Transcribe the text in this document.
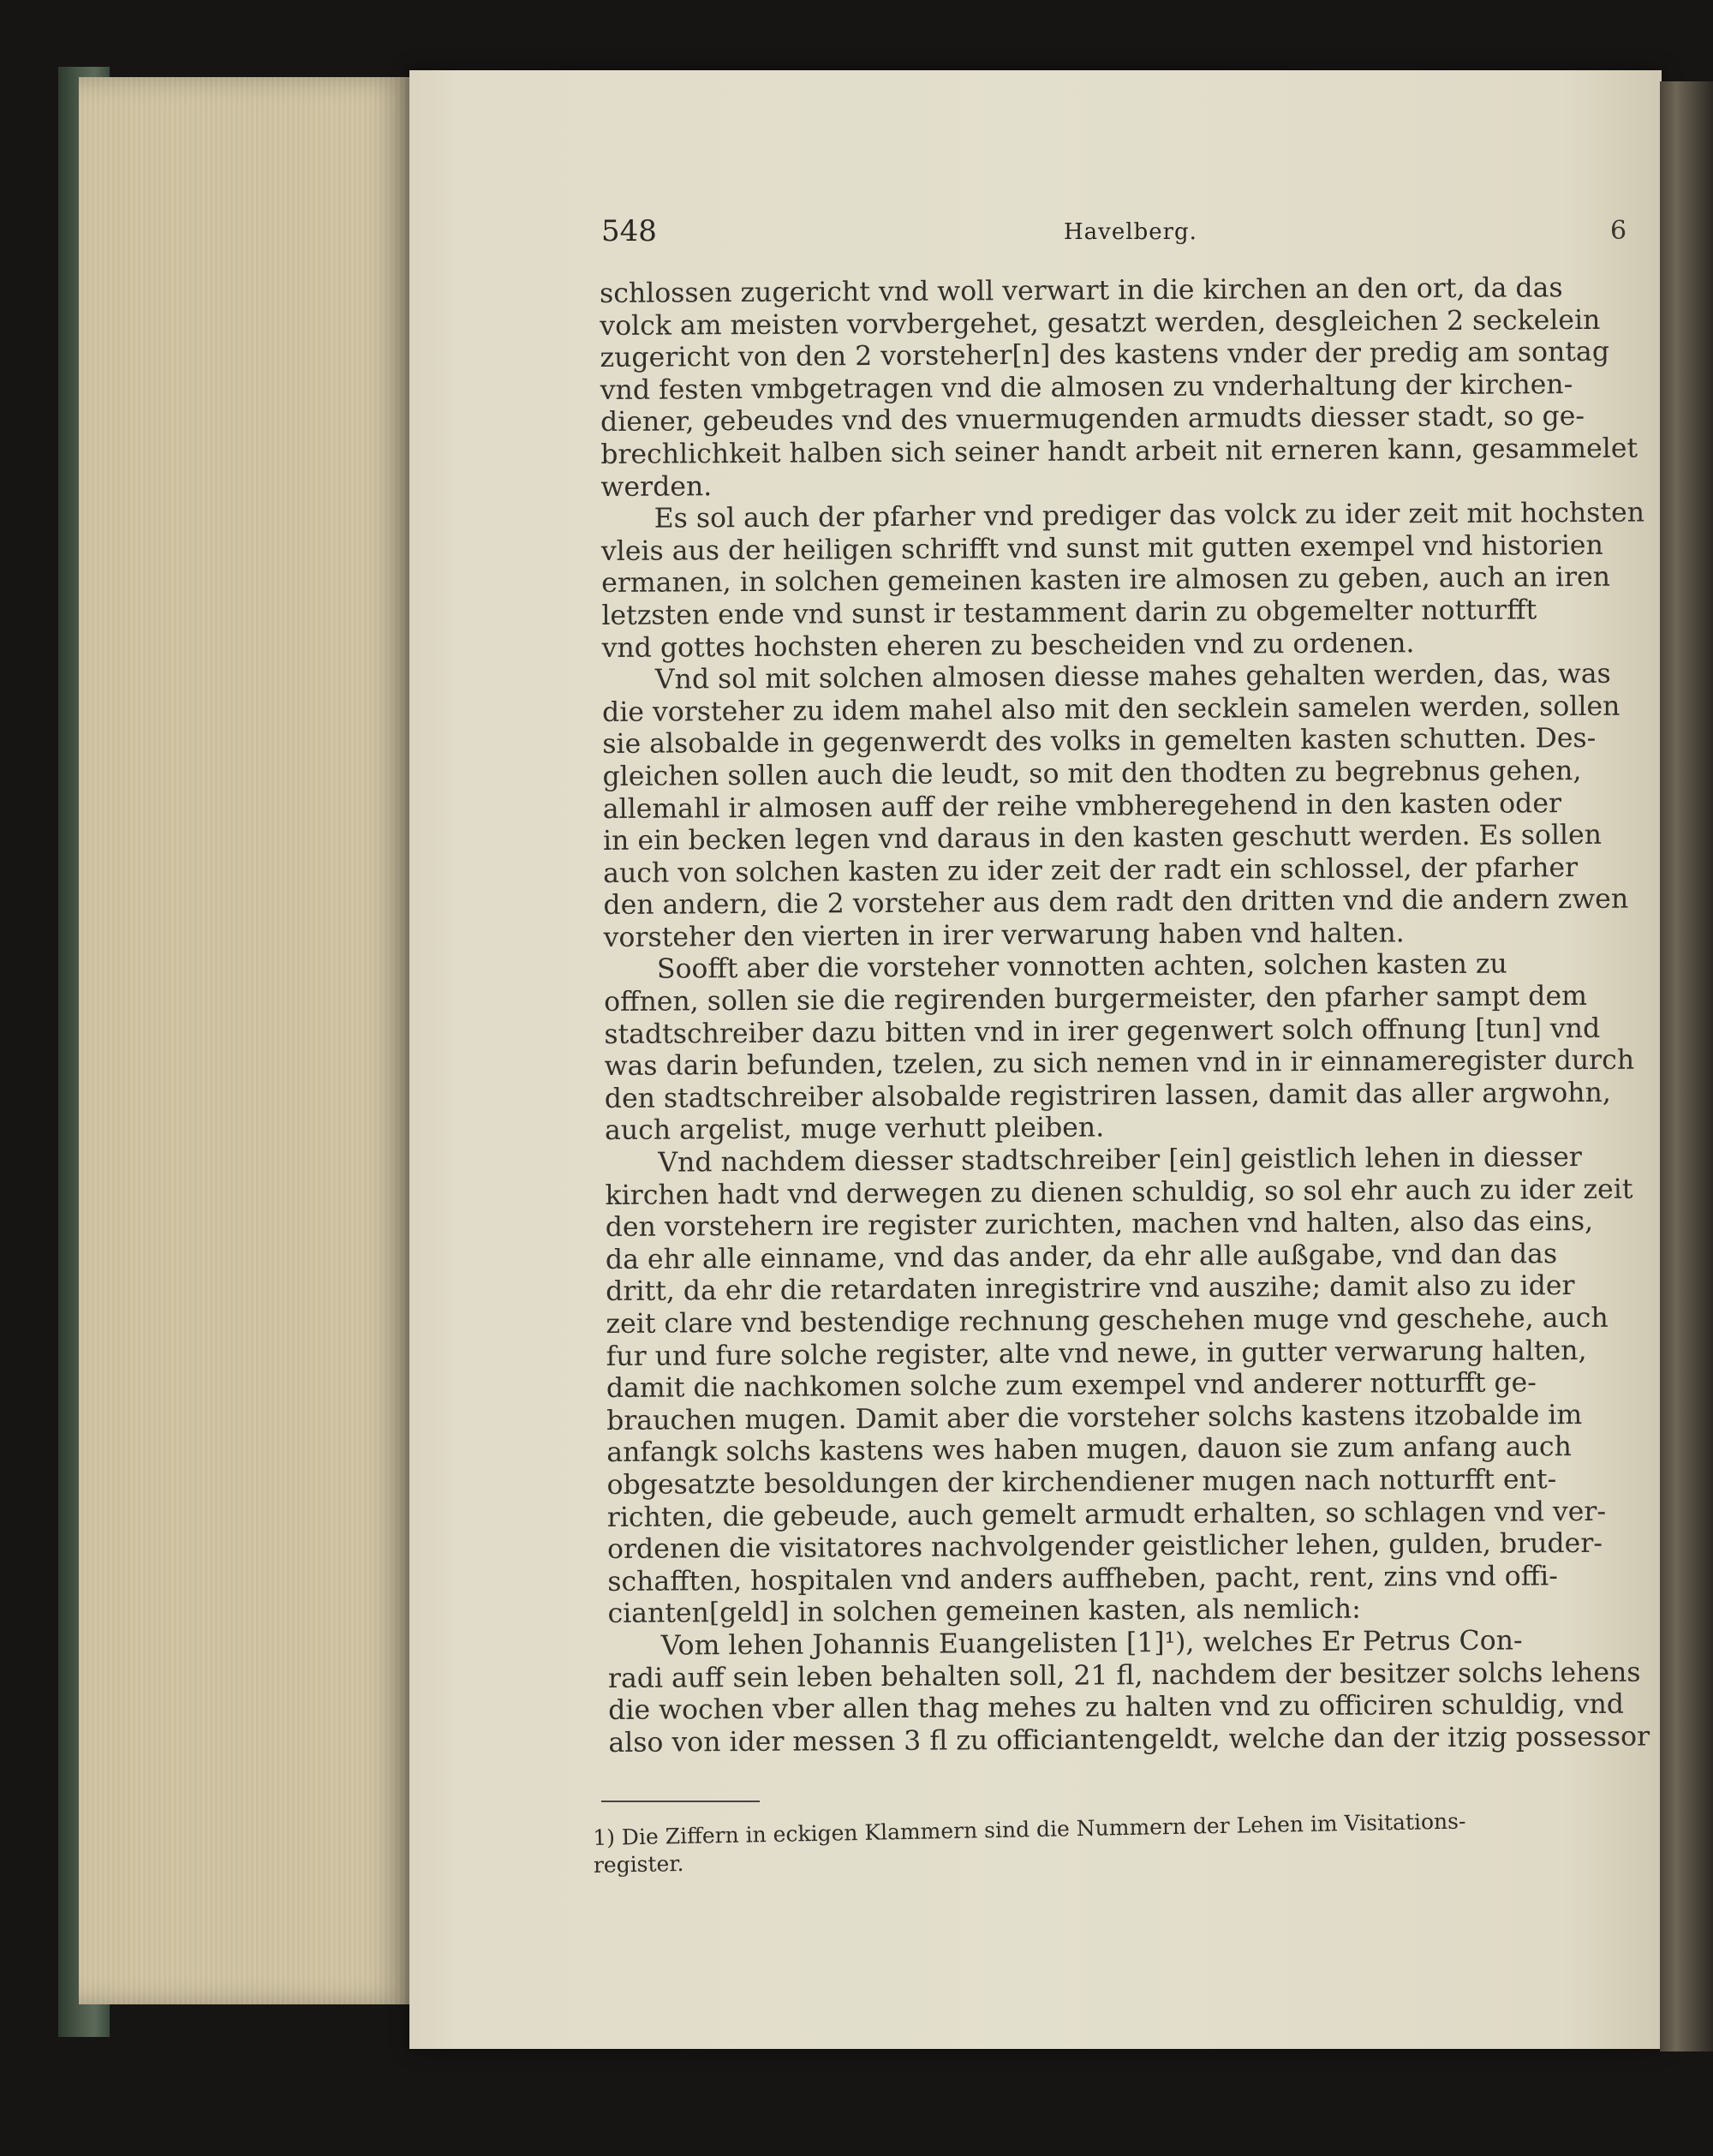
548	Havelberg.	6
schlossen zugericht vnd woll verwart in die kirchen an den ort, da das
volck am meisten vorvbergehet, gesatzt werden, desgleichen 2 seckelein
zugericht von den 2 vorsteher[n] des kastens vnder der predig am sontag
vnd festen vmbgetragen vnd die almosen zu vnderhaltung der kirchen-
diener, gebeudes vnd des vnuermugenden armudts diesser stadt, so ge-
brechlichkeit halben sich seiner handt arbeit nit erneren kann, gesammelet
werden.
Es sol auch der pfarher vnd prediger das volck zu ider zeit mit hochsten
vleis aus der heiligen schrifft vnd sunst mit gutten exempel vnd historien
ermanen, in solchen gemeinen kasten ire almosen zu geben, auch an iren
letzsten ende vnd sunst ir testamment darin zu obgemelter notturfft
vnd gottes hochsten eheren zu bescheiden vnd zu ordenen.
Vnd sol mit solchen almosen diesse mahes gehalten werden, das, was
die vorsteher zu idem mahel also mit den secklein samelen werden, sollen
sie alsobalde in gegenwerdt des volks in gemelten kasten schutten. Des-
gleichen sollen auch die leudt, so mit den thodten zu begrebnus gehen,
allemahl ir almosen auff der reihe vmbheregehend in den kasten oder
in ein becken legen vnd daraus in den kasten geschutt werden. Es sollen
auch von solchen kasten zu ider zeit der radt ein schlossel, der pfarher
den andern, die 2 vorsteher aus dem radt den dritten vnd die andern zwen
vorsteher den vierten in irer verwarung haben vnd halten.
Soofft aber die vorsteher vonnotten achten, solchen kasten zu
offnen, sollen sie die regirenden burgermeister, den pfarher sampt dem
stadtschreiber dazu bitten vnd in irer gegenwert solch offnung [tun] vnd
was darin befunden, tzelen, zu sich nemen vnd in ir einnameregister durch
den stadtschreiber alsobalde registriren lassen, damit das aller argwohn,
auch argelist, muge verhutt pleiben.
Vnd nachdem diesser stadtschreiber [ein] geistlich lehen in diesser
kirchen hadt vnd derwegen zu dienen schuldig, so sol ehr auch zu ider zeit
den vorstehern ire register zurichten, machen vnd halten, also das eins,
da ehr alle einname, vnd das ander, da ehr alle außgabe, vnd dan das
dritt, da ehr die retardaten inregistrire vnd auszihe; damit also zu ider
zeit clare vnd bestendige rechnung geschehen muge vnd geschehe, auch
fur und fure solche register, alte vnd newe, in gutter verwarung halten,
damit die nachkomen solche zum exempel vnd anderer notturfft ge-
brauchen mugen. Damit aber die vorsteher solchs kastens itzobalde im
anfangk solchs kastens wes haben mugen, dauon sie zum anfang auch
obgesatzte besoldungen der kirchendiener mugen nach notturfft ent-
richten, die gebeude, auch gemelt armudt erhalten, so schlagen vnd ver-
ordenen die visitatores nachvolgender geistlicher lehen, gulden, bruder-
schafften, hospitalen vnd anders auffheben, pacht, rent, zins vnd offi-
cianten[geld] in solchen gemeinen kasten, als nemlich:
Vom lehen Johannis Euangelisten [1]¹), welches Er Petrus Con-
radi auff sein leben behalten soll, 21 fl, nachdem der besitzer solchs lehens
die wochen vber allen thag mehes zu halten vnd zu officiren schuldig, vnd
also von ider messen 3 fl zu officiantengeldt, welche dan der itzig possessor
1) Die Ziffern in eckigen Klammern sind die Nummern der Lehen im Visitations-
register.
